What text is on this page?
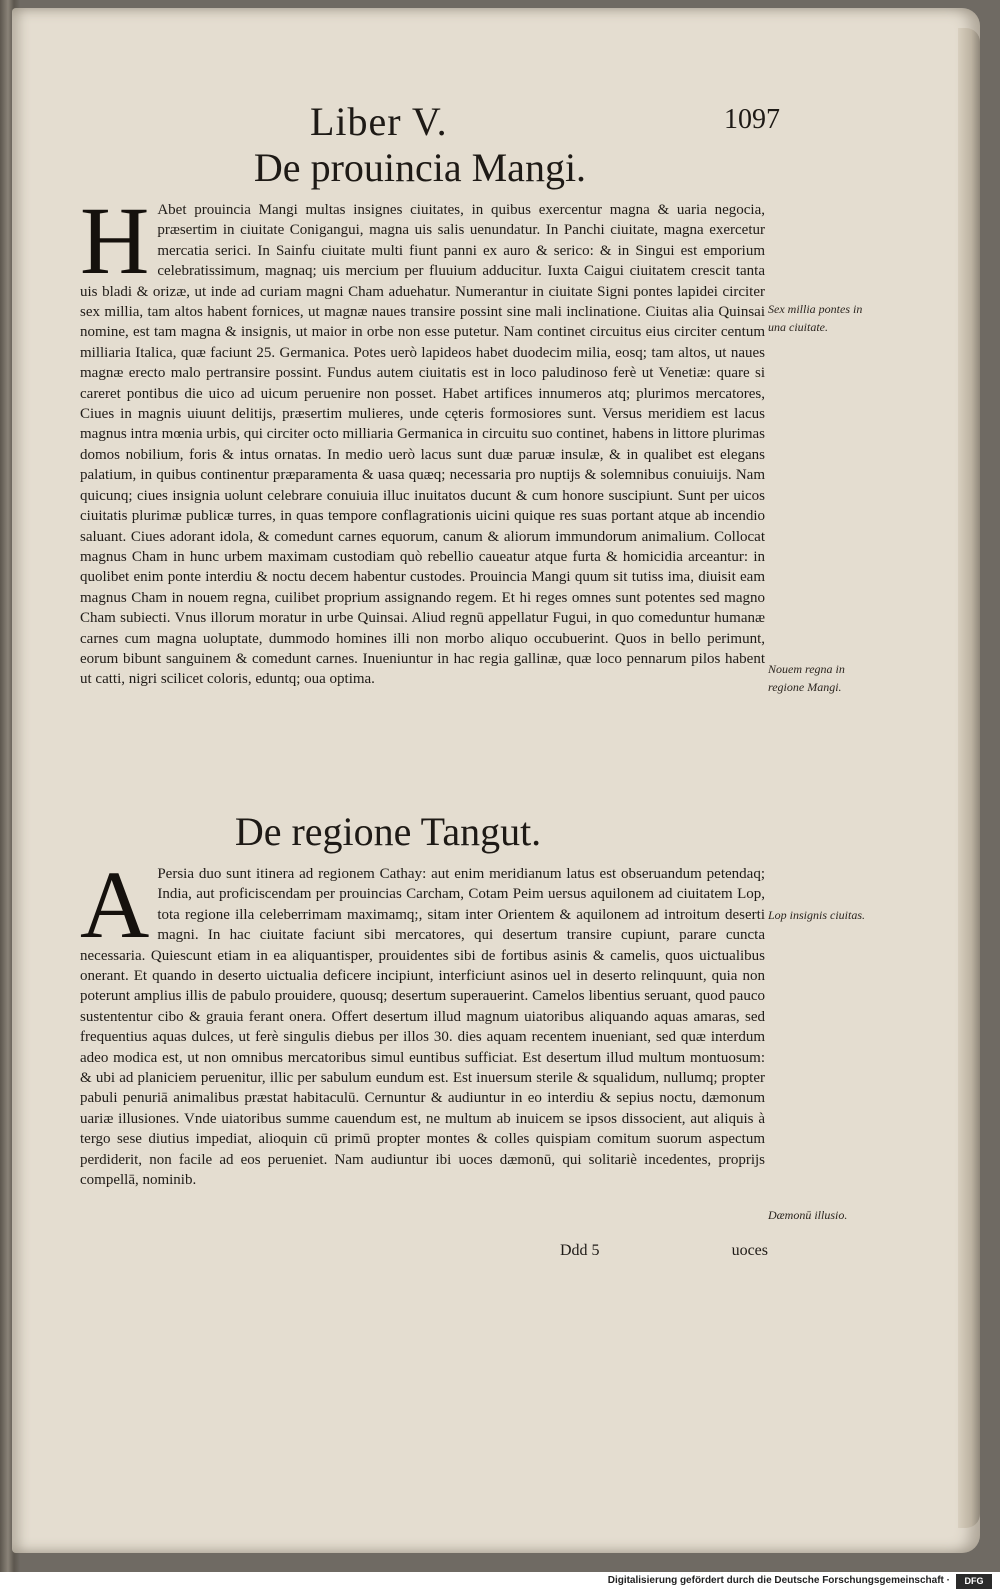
Liber V.	1097
De prouincia Mangi.

H Abet prouincia Mangi multas insignes ciuitates, in quibus exercentur magna & uaria negocia, præsertim in ciuitate Conigangui, magna uis salis uenundatur. In Panchi ciuitate, magna exercetur mercatia serici. In Sainfu ciuitate multi fiunt panni ex auro & serico: & in Singui est emporium celebratissimum, magnaq; uis mercium per fluuium adducitur. Iuxta Caigui ciuitatem crescit tanta uis bladi & orizæ, ut inde ad curiam magni Cham aduehatur. Numerantur in ciuitate Signi pontes lapidei circiter sex millia, tam altos habent fornices, ut magnæ naues transire possint sine mali inclinatione. Ciuitas alia Quinsai nomine, est tam magna & insignis, ut maior in orbe non esse putetur. Nam continet circuitus eius circiter centum milliaria Italica, quæ faciunt 25. Germanica. Potes uerò lapideos habet duodecim milia, eosq; tam altos, ut naues magnæ erecto malo pertransire possint. Fundus autem ciuitatis est in loco paludinoso ferè ut Venetiæ: quare si careret pontibus die uico ad uicum peruenire non posset. Habet artifices innumeros atq; plurimos mercatores, Ciues in magnis uiuunt delitijs, præsertim mulieres, unde cęteris formosiores sunt. Versus meridiem est lacus magnus intra mœnia urbis, qui circiter octo milliaria Germanica in circuitu suo continet, habens in littore plurimas domos nobilium, foris & intus ornatas. In medio uerò lacus sunt duæ paruæ insulæ, & in qualibet est elegans palatium, in quibus continentur præparamenta & uasa quæq; necessaria pro nuptijs & solemnibus conuiuijs. Nam quicunq; ciues insignia uolunt celebrare conuiuia illuc inuitatos ducunt & cum honore suscipiunt. Sunt per uicos ciuitatis plurimæ publicæ turres, in quas tempore conflagrationis uicini quique res suas portant atque ab incendio saluant. Ciues adorant idola, & comedunt carnes equorum, canum & aliorum immundorum animalium. Collocat magnus Cham in hunc urbem maximam custodiam quò rebellio caueatur atque furta & homicidia arceantur: in quolibet enim ponte interdiu & noctu decem habentur custodes. Prouincia Mangi quum sit tutiss ima, diuisit eam magnus Cham in nouem regna, cuilibet proprium assignando regem. Et hi reges omnes sunt potentes sed magno Cham subiecti. Vnus illorum moratur in urbe Quinsai. Aliud regnū appellatur Fugui, in quo comeduntur humanæ carnes cum magna uoluptate, dummodo homines illi non morbo aliquo occubuerint. Quos in bello perimunt, eorum bibunt sanguinem & comedunt carnes. Inueniuntur in hac regia gallinæ, quæ loco pennarum pilos habent ut catti, nigri scilicet coloris, eduntq; oua optima.

De regione Tangut.

A Persia duo sunt itinera ad regionem Cathay: aut enim meridianum latus est obseruandum petendaq; India, aut proficiscendam per prouincias Carcham, Cotam Peim uersus aquilonem ad ciuitatem Lop, tota regione illa celeberrimam maximamq;, sitam inter Orientem & aquilonem ad introitum deserti magni. In hac ciuitate faciunt sibi mercatores, qui desertum transire cupiunt, parare cuncta necessaria. Quiescunt etiam in ea aliquantisper, prouidentes sibi de fortibus asinis & camelis, quos uictualibus onerant. Et quando in deserto uictualia deficere incipiunt, interficiunt asinos uel in deserto relinquunt, quia non poterunt amplius illis de pabulo prouidere, quousq; desertum superauerint. Camelos libentius seruant, quod pauco sustententur cibo & grauia ferant onera. Offert desertum illud magnum uiatoribus aliquando aquas amaras, sed frequentius aquas dulces, ut ferè singulis diebus per illos 30. dies aquam recentem inueniant, sed quæ interdum adeo modica est, ut non omnibus mercatoribus simul euntibus sufficiat. Est desertum illud multum montuosum: & ubi ad planiciem peruenitur, illic per sabulum eundum est. Est inuersum sterile & squalidum, nullumq; propter pabuli penuriā animalibus præstat habitaculū. Cernuntur & audiuntur in eo interdiu & sepius noctu, dæmonum uariæ illusiones. Vnde uiatoribus summe cauendum est, ne multum ab inuicem se ipsos dissocient, aut aliquis à tergo sese diutius impediat, alioquin cū primū propter montes & colles quispiam comitum suorum aspectum perdiderit, non facile ad eos perueniet. Nam audiuntur ibi uoces dæmonū, qui solitariè incedentes, proprijs compellā, nominib.

Sex millia pontes in una ciuitate.
Nouem regna in regione Mangi.
Lop insignis ciuitas.
Dæmonū illusio.
Ddd 5	uoces
Digitalisierung gefördert durch die Deutsche Forschungsgemeinschaft ·	DFG
